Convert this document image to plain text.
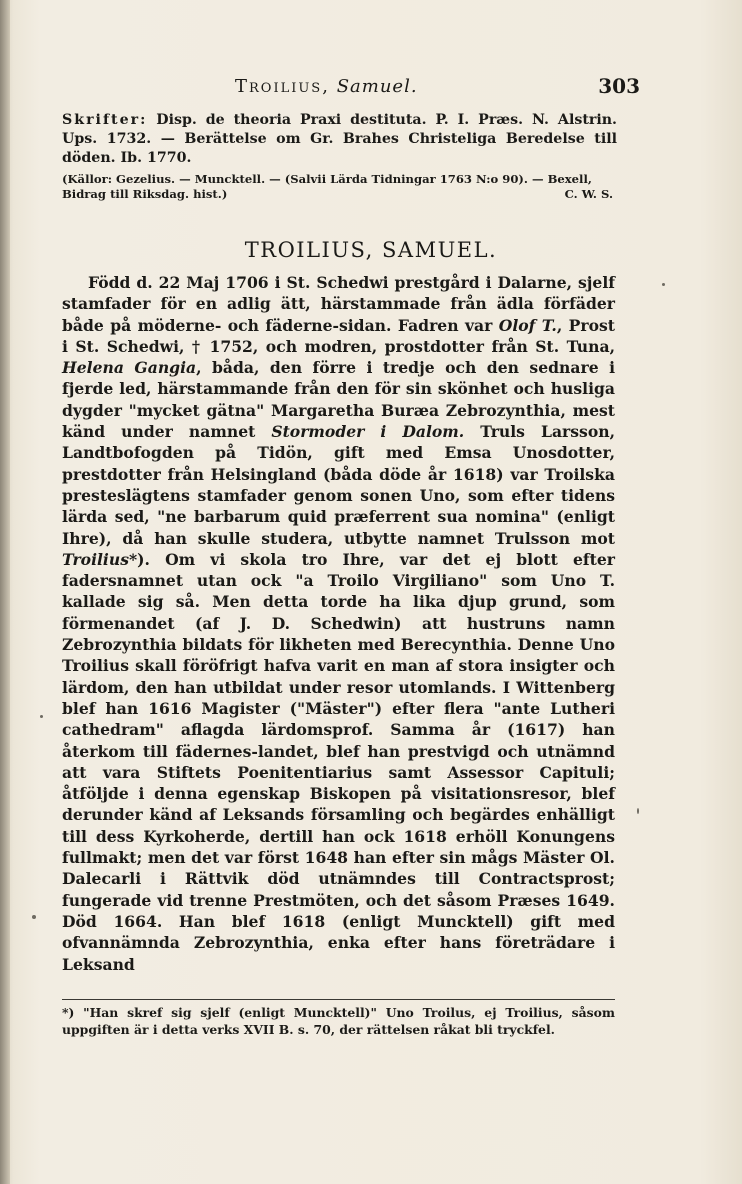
Troilius, Samuel.	303
Skrifter: Disp. de theoria Praxi destituta. P. I. Præs. N. Alstrin. Ups. 1732. — Berättelse om Gr. Brahes Christeliga Beredelse till döden. Ib. 1770.
(Källor: Gezelius. — Muncktell. — (Salvii Lärda Tidningar 1763 N:o 90). — Bexell, Bidrag till Riksdag. hist.)	C. W. S.
TROILIUS, SAMUEL.
Född d. 22 Maj 1706 i St. Schedwi prestgård i Dalarne, sjelf stamfader för en adlig ätt, härstammade från ädla förfäder både på möderne- och fäderne-sidan. Fadren var Olof T., Prost i St. Schedwi, † 1752, och modren, prostdotter från St. Tuna, Helena Gangia, båda, den förre i tredje och den sednare i fjerde led, härstammande från den för sin skönhet och husliga dygder "mycket gätna" Margaretha Buræa Zebrozynthia, mest känd under namnet Stormoder i Dalom. Truls Larsson, Landtbofogden på Tidön, gift med Emsa Unosdotter, prestdotter från Helsingland (båda döde år 1618) var Troilska presteslägtens stamfader genom sonen Uno, som efter tidens lärda sed, "ne barbarum quid præferrent sua nomina" (enligt Ihre), då han skulle studera, utbytte namnet Trulsson mot Troilius*). Om vi skola tro Ihre, var det ej blott efter fadersnamnet utan ock "a Troilo Virgiliano" som Uno T. kallade sig så. Men detta torde ha lika djup grund, som förmenandet (af J. D. Schedwin) att hustruns namn Zebrozynthia bildats för likheten med Berecynthia. Denne Uno Troilius skall föröfrigt hafva varit en man af stora insigter och lärdom, den han utbildat under resor utomlands. I Wittenberg blef han 1616 Magister ("Mäster") efter flera "ante Lutheri cathedram" aflagda lärdomsprof. Samma år (1617) han återkom till fädernes-landet, blef han prestvigd och utnämnd att vara Stiftets Poenitentiarius samt Assessor Capituli; åtföljde i denna egenskap Biskopen på visitationsresor, blef derunder känd af Leksands församling och begärdes enhälligt till dess Kyrkoherde, dertill han ock 1618 erhöll Konungens fullmakt; men det var först 1648 han efter sin mågs Mäster Ol. Dalecarli i Rättvik död utnämndes till Contractsprost; fungerade vid trenne Prestmöten, och det såsom Præses 1649. Död 1664. Han blef 1618 (enligt Muncktell) gift med ofvannämnda Zebrozynthia, enka efter hans företrädare i Leksand
*) "Han skref sig sjelf (enligt Muncktell)" Uno Troilus, ej Troilius, såsom uppgiften är i detta verks XVII B. s. 70, der rättelsen råkat bli tryckfel.
